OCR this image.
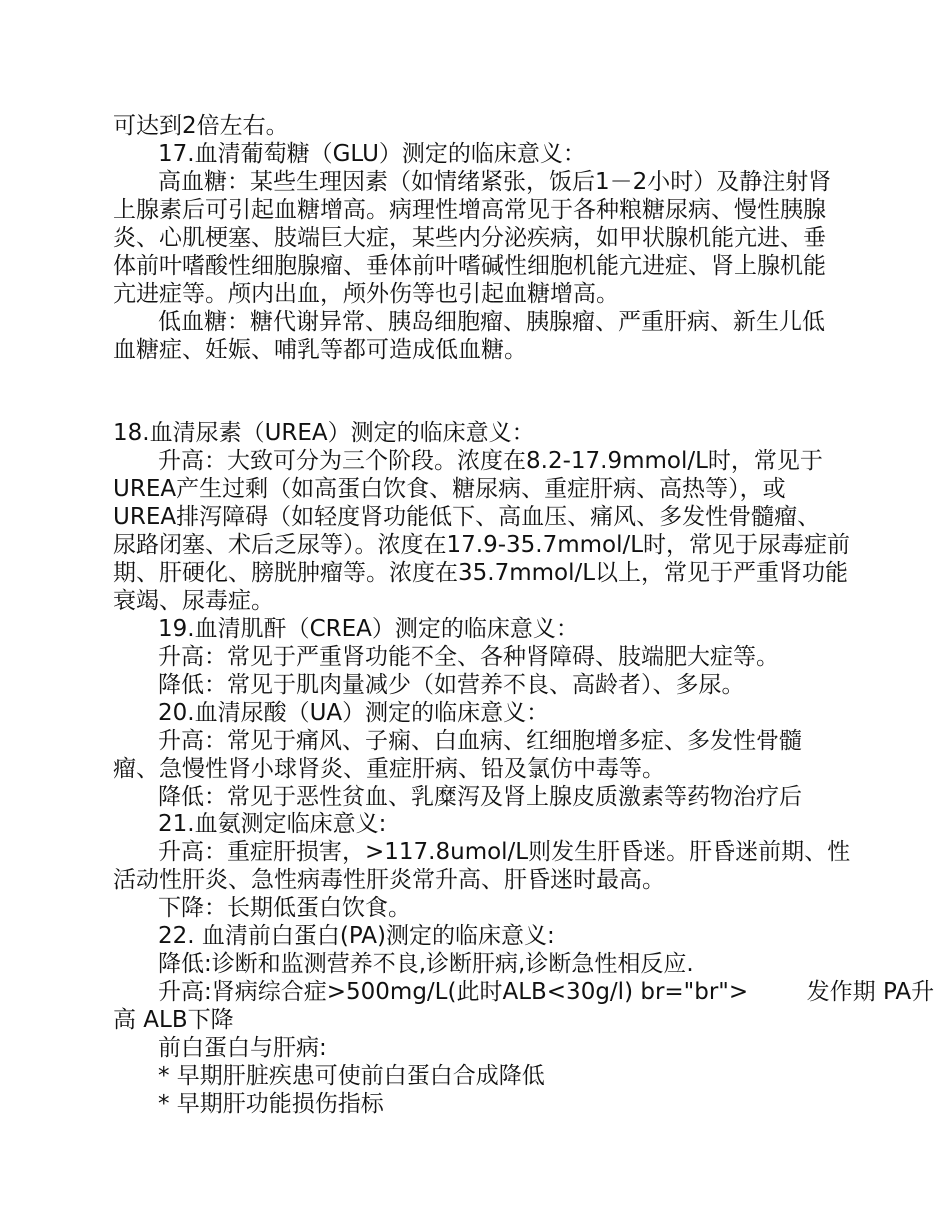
可达到2倍左右。
17.血清葡萄糖（GLU）测定的临床意义：
高血糖：某些生理因素（如情绪紧张，饭后1－2小时）及静注射肾
上腺素后可引起血糖增高。病理性增高常见于各种粮糖尿病、慢性胰腺
炎、心肌梗塞、肢端巨大症，某些内分泌疾病，如甲状腺机能亢进、垂
体前叶嗜酸性细胞腺瘤、垂体前叶嗜碱性细胞机能亢进症、肾上腺机能
亢进症等。颅内出血，颅外伤等也引起血糖增高。
低血糖：糖代谢异常、胰岛细胞瘤、胰腺瘤、严重肝病、新生儿低
血糖症、妊娠、哺乳等都可造成低血糖。
18.血清尿素（UREA）测定的临床意义：
升高：大致可分为三个阶段。浓度在8.2-17.9mmol/L时，常见于
UREA产生过剩（如高蛋白饮食、糖尿病、重症肝病、高热等），或
UREA排泻障碍（如轻度肾功能低下、高血压、痛风、多发性骨髓瘤、
尿路闭塞、术后乏尿等）。浓度在17.9-35.7mmol/L时，常见于尿毒症前
期、肝硬化、膀胱肿瘤等。浓度在35.7mmol/L以上，常见于严重肾功能
衰竭、尿毒症。
19.血清肌酐（CREA）测定的临床意义：
升高：常见于严重肾功能不全、各种肾障碍、肢端肥大症等。
降低：常见于肌肉量减少（如营养不良、高龄者）、多尿。
20.血清尿酸（UA）测定的临床意义：
升高：常见于痛风、子痫、白血病、红细胞增多症、多发性骨髓
瘤、急慢性肾小球肾炎、重症肝病、铅及氯仿中毒等。
降低：常见于恶性贫血、乳糜泻及肾上腺皮质激素等药物治疗后
21.血氨测定临床意义:
升高：重症肝损害，>117.8umol/L则发生肝昏迷。肝昏迷前期、性
活动性肝炎、急性病毒性肝炎常升高、肝昏迷时最高。
下降：长期低蛋白饮食。
22. 血清前白蛋白(PA)测定的临床意义:
降低:诊断和监测营养不良,诊断肝病,诊断急性相反应.
升高:肾病综合症>500mg/L(此时ALB<30g/l) br="br">        发作期 PA升
高 ALB下降
前白蛋白与肝病:
* 早期肝脏疾患可使前白蛋白合成降低
* 早期肝功能损伤指标
